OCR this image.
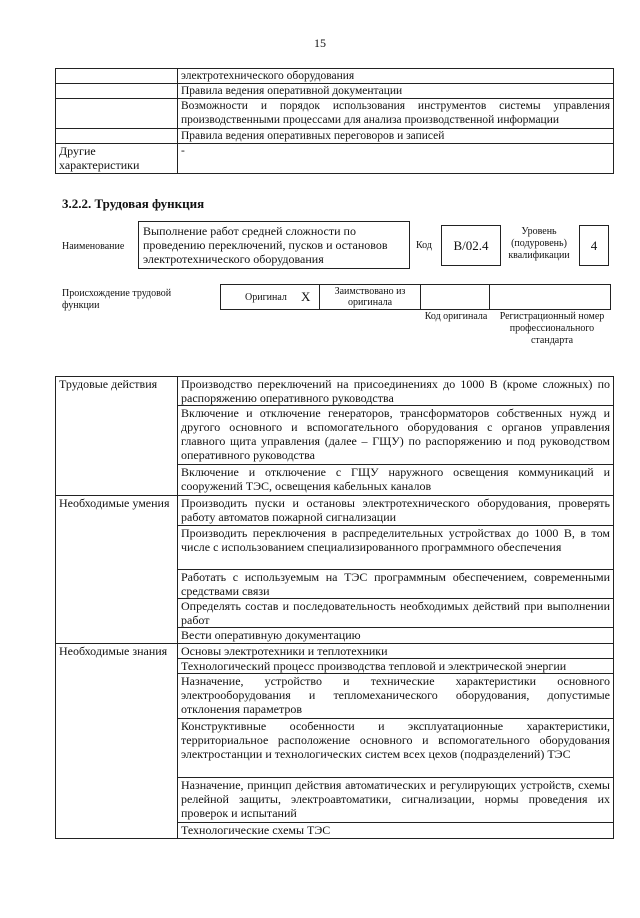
15
	электротехнического оборудования
	Правила ведения оперативной документации
	Возможности и порядок использования инструментов системы управления производственными процессами для анализа производственной информации
	Правила ведения оперативных переговоров и записей
Другие характеристики	-
3.2.2. Трудовая функция
Наименование
Выполнение работ средней сложности по проведению переключений, пусков и остановов электротехнического оборудования
Код	B/02.4
Уровень (подуровень) квалификации
4
Происхождение трудовой функции
Оригинал X	Заимствовано из оригинала
Код оригинала	Регистрационный номер профессионального стандарта
Трудовые действия	Производство переключений на присоединениях до 1000 В (кроме сложных) по распоряжению оперативного руководства
	Включение и отключение генераторов, трансформаторов собственных нужд и другого основного и вспомогательного оборудования с органов управления главного щита управления (далее – ГЩУ) по распоряжению и под руководством оперативного руководства
	Включение и отключение с ГЩУ наружного освещения коммуникаций и сооружений ТЭС, освещения кабельных каналов
Необходимые умения	Производить пуски и остановы электротехнического оборудования, проверять работу автоматов пожарной сигнализации
	Производить переключения в распределительных устройствах до 1000 В, в том числе с использованием специализированного программного обеспечения
	Работать с используемым на ТЭС программным обеспечением, современными средствами связи
	Определять состав и последовательность необходимых действий при выполнении работ
	Вести оперативную документацию
Необходимые знания	Основы электротехники и теплотехники
	Технологический процесс производства тепловой и электрической энергии
	Назначение, устройство и технические характеристики основного электрооборудования и тепломеханического оборудования, допустимые отклонения параметров
	Конструктивные особенности и эксплуатационные характеристики, территориальное расположение основного и вспомогательного оборудования электростанции и технологических систем всех цехов (подразделений) ТЭС
	Назначение, принцип действия автоматических и регулирующих устройств, схемы релейной защиты, электроавтоматики, сигнализации, нормы проведения их проверок и испытаний
	Технологические схемы ТЭС
